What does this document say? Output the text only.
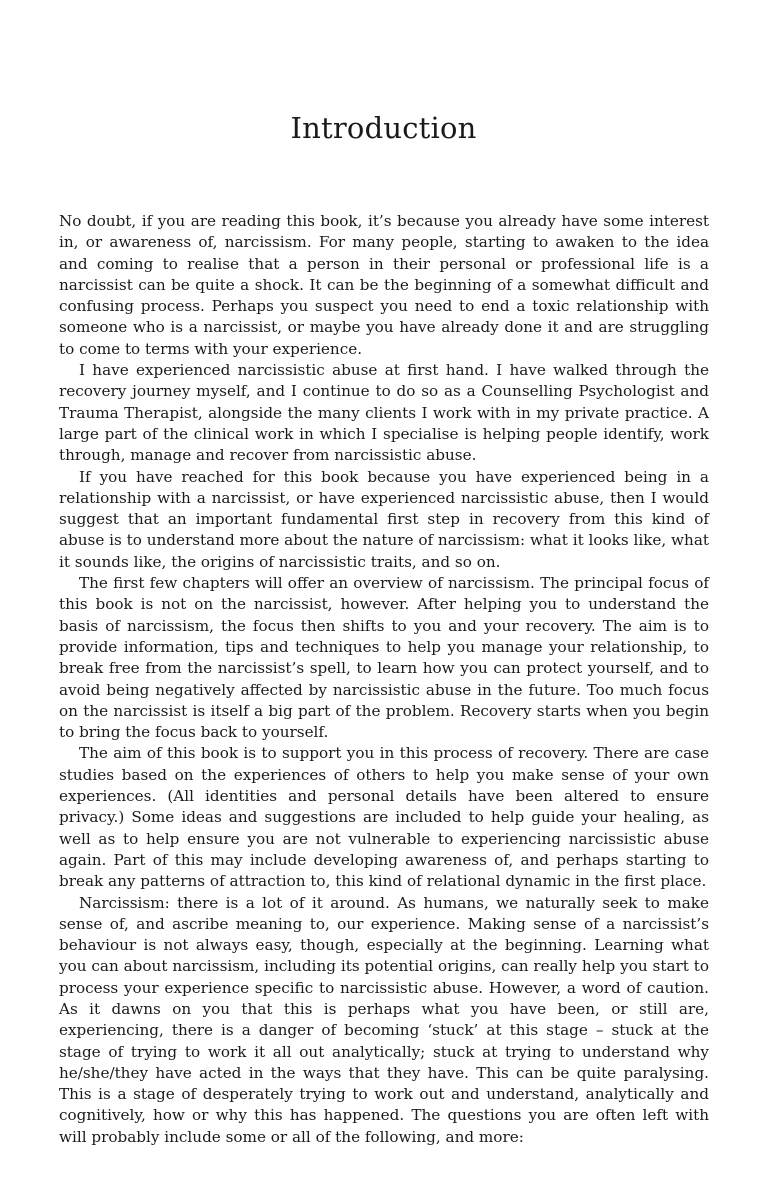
Introduction

No doubt, if you are reading this book, it’s because you already have some interest in, or awareness of, narcissism. For many people, starting to awaken to the idea and coming to realise that a person in their personal or professional life is a narcissist can be quite a shock. It can be the beginning of a somewhat difficult and confusing process. Perhaps you suspect you need to end a toxic relationship with someone who is a narcissist, or maybe you have already done it and are struggling to come to terms with your experience.

I have experienced narcissistic abuse at first hand. I have walked through the recovery journey myself, and I continue to do so as a Counselling Psychologist and Trauma Therapist, alongside the many clients I work with in my private practice. A large part of the clinical work in which I specialise is helping people identify, work through, manage and recover from narcissistic abuse.

If you have reached for this book because you have experienced being in a relationship with a narcissist, or have experienced narcissistic abuse, then I would suggest that an important fundamental first step in recovery from this kind of abuse is to understand more about the nature of narcissism: what it looks like, what it sounds like, the origins of narcissistic traits, and so on.

The first few chapters will offer an overview of narcissism. The principal focus of this book is not on the narcissist, however. After helping you to understand the basis of narcissism, the focus then shifts to you and your recovery. The aim is to provide information, tips and techniques to help you manage your relationship, to break free from the narcissist’s spell, to learn how you can protect yourself, and to avoid being negatively affected by narcissistic abuse in the future. Too much focus on the narcissist is itself a big part of the problem. Recovery starts when you begin to bring the focus back to yourself.

The aim of this book is to support you in this process of recovery. There are case studies based on the experiences of others to help you make sense of your own experiences. (All identities and personal details have been altered to ensure privacy.) Some ideas and suggestions are included to help guide your healing, as well as to help ensure you are not vulnerable to experiencing narcissistic abuse again. Part of this may include developing awareness of, and perhaps starting to break any patterns of attraction to, this kind of relational dynamic in the first place.

Narcissism: there is a lot of it around. As humans, we naturally seek to make sense of, and ascribe meaning to, our experience. Making sense of a narcissist’s behaviour is not always easy, though, especially at the beginning. Learning what you can about narcissism, including its potential origins, can really help you start to process your experience specific to narcissistic abuse. However, a word of caution. As it dawns on you that this is perhaps what you have been, or still are, experiencing, there is a danger of becoming ‘stuck’ at this stage – stuck at the stage of trying to work it all out analytically; stuck at trying to understand why he/she/they have acted in the ways that they have. This can be quite paralysing. This is a stage of desperately trying to work out and understand, analytically and cognitively, how or why this has happened. The questions you are often left with will probably include some or all of the following, and more:
